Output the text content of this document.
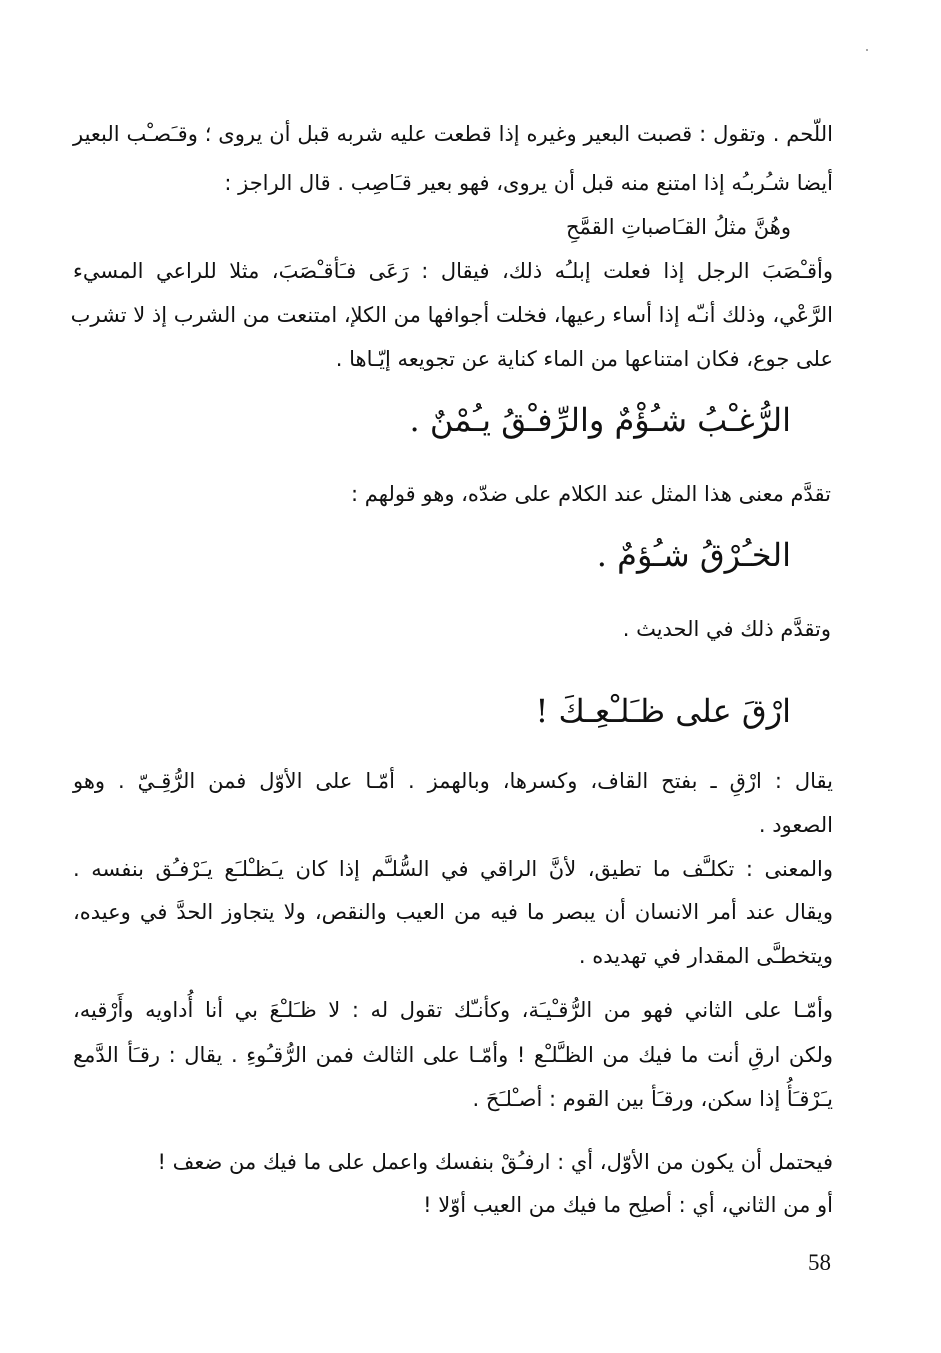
اللّحم . وتقول : قصبت البعير وغيره إذا قطعت عليه شربه قبل أن يروى ؛ وقـَصـْب البعير
أيضا شـُربـُه إذا امتنع منه قبل أن يروى، فهو بعير قـَاصِب . قال الراجز :
وهُنَّ مثلُ القـَاصباتِ القمَّحِ
وأقـْصَبَ الرجل إذا فعلت إبلـُه ذلك، فيقال : رَعَى فـَأقـْصَبَ، مثلا للراعي المسيء
الرَّعْي، وذلك أنـّه إذا أساء رعيها، فخلت أجوافها من الكلإ، امتنعت من الشرب إذ لا تشرب
على جوع، فكان امتناعها من الماء كناية عن تجويعه إيّـاها .
الرُّغـْبُ شـُؤْمٌ والرِّفـْقُ يـُمْنٌ .
تقدَّم معنى هذا المثل عند الكلام على ضدّه، وهو قولهم :
الخـُرْقُ شـُؤمٌ .
وتقدَّم ذلك في الحديث .
ارْقَ على ظـَلـْعِـكَ !
يقال : ارْقِ ـ بفتح القاف، وكسرها، وبالهمز . أمّـا على الأوّل فمن الرُّقِـيّ . وهو
الصعود .
والمعنى : تكلـَّف ما تطيق، لأنَّ الراقي في السُّلـَّم إذا كان يـَظـْلـَع يـَرْفـُق بنفسه .
ويقال عند أمر الانسان أن يبصر ما فيه من العيب والنقص، ولا يتجاوز الحدَّ في وعيده،
ويتخطـَّى المقدار في تهديده .
وأمّـا على الثاني فهو من الرُّقـْيـَة، وكأنـّك تقول له : لا ظـَلـْعَ بي أنا أُداويه وأَرْقيه،
ولكن ارقِ أنت ما فيك من الظـَّلـْع ! وأمّـا على الثالث فمن الرُّقـُوءِ . يقال : رقـَأ الدَّمع
يـَرْقـَأُ إذا سكن، ورقـَأ بين القوم : أصـْلـَحَ .
فيحتمل أن يكون من الأوّل، أي : ارفـُقْ بنفسك واعمل على ما فيك من ضعف !
أو من الثاني، أي : أصلِح ما فيك من العيب أوّلا !
58
